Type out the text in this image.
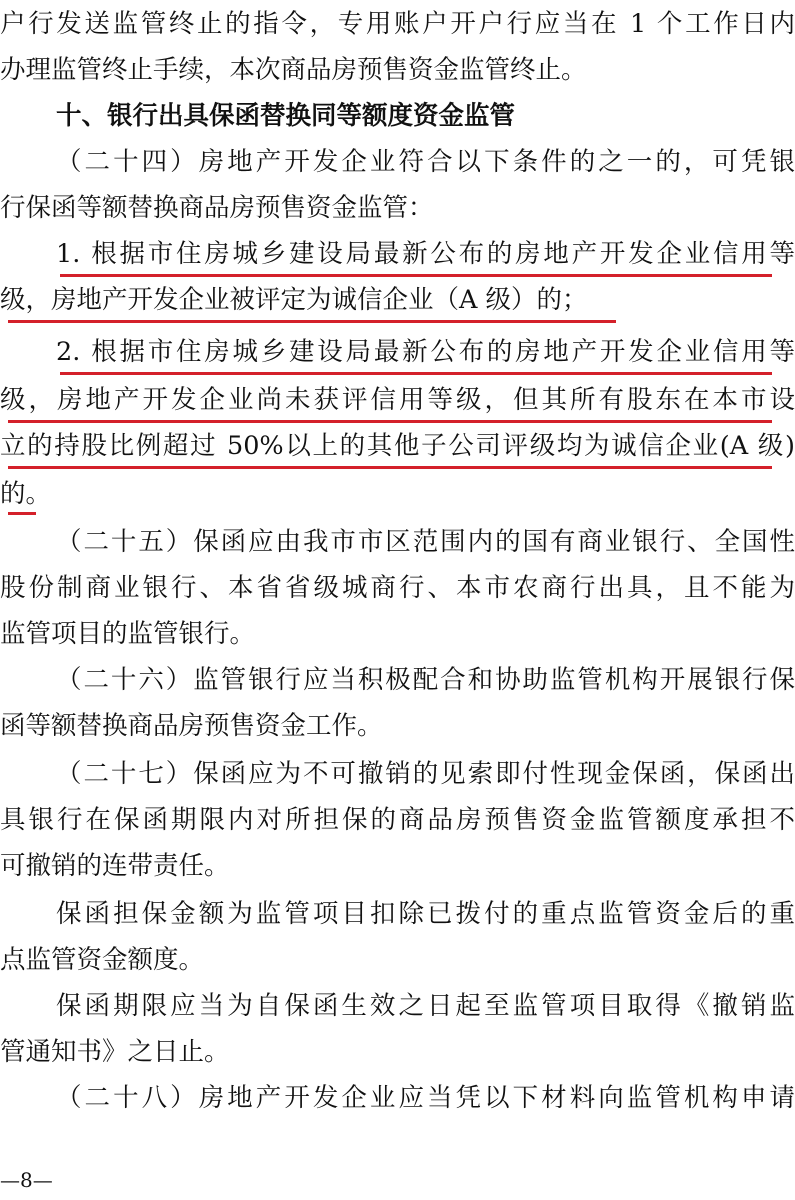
户行发送监管终止的指令，专用账户开户行应当在 1 个工作日内
办理监管终止手续，本次商品房预售资金监管终止。
十、银行出具保函替换同等额度资金监管
（二十四）房地产开发企业符合以下条件的之一的，可凭银
行保函等额替换商品房预售资金监管：
1. 根据市住房城乡建设局最新公布的房地产开发企业信用等
级，房地产开发企业被评定为诚信企业（A 级）的；
2. 根据市住房城乡建设局最新公布的房地产开发企业信用等
级，房地产开发企业尚未获评信用等级，但其所有股东在本市设
立的持股比例超过 50%以上的其他子公司评级均为诚信企业(A 级)
的。
（二十五）保函应由我市市区范围内的国有商业银行、全国性
股份制商业银行、本省省级城商行、本市农商行出具，且不能为
监管项目的监管银行。
（二十六）监管银行应当积极配合和协助监管机构开展银行保
函等额替换商品房预售资金工作。
（二十七）保函应为不可撤销的见索即付性现金保函，保函出
具银行在保函期限内对所担保的商品房预售资金监管额度承担不
可撤销的连带责任。
保函担保金额为监管项目扣除已拨付的重点监管资金后的重
点监管资金额度。
保函期限应当为自保函生效之日起至监管项目取得《撤销监
管通知书》之日止。
（二十八）房地产开发企业应当凭以下材料向监管机构申请
—8—
